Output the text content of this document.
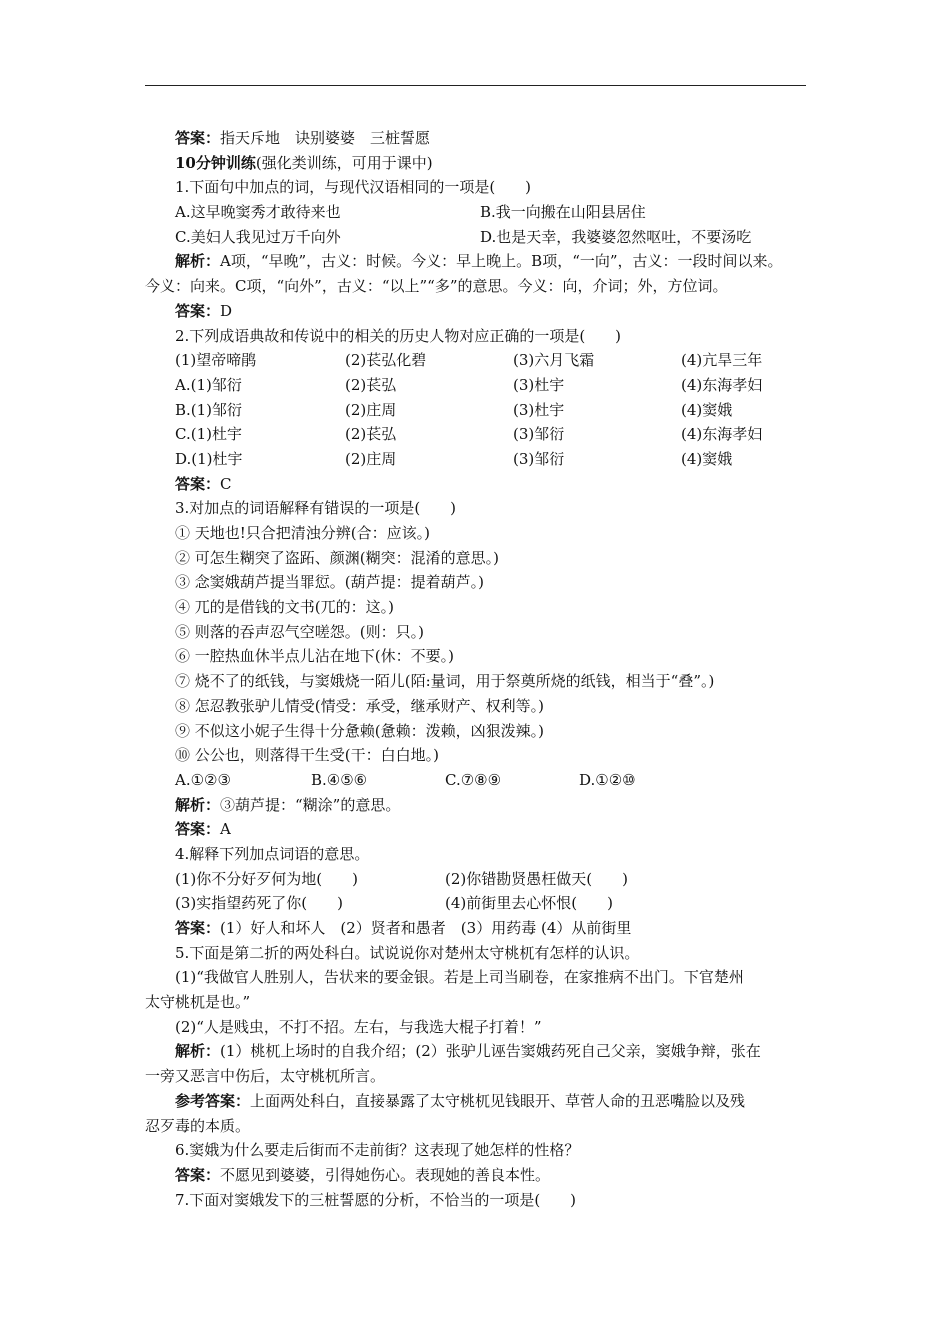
答案：指天斥地　诀别婆婆　三桩誓愿
10分钟训练(强化类训练，可用于课中)
1.下面句中加点的词，与现代汉语相同的一项是(　　)
A.这早晚窦秀才敢待来也	B.我一向搬在山阳县居住
C.美妇人我见过万千向外	D.也是天幸，我婆婆忽然呕吐，不要汤吃
解析：A项，“早晚”，古义：时候。今义：早上晚上。B项，“一向”，古义：一段时间以来。
今义：向来。C项，“向外”，古义：“以上”“多”的意思。今义：向，介词；外，方位词。
答案：D
2.下列成语典故和传说中的相关的历史人物对应正确的一项是(　　)
(1)望帝啼鹃	(2)苌弘化碧	(3)六月飞霜	(4)亢旱三年
A.(1)邹衍	(2)苌弘	(3)杜宇	(4)东海孝妇
B.(1)邹衍	(2)庄周	(3)杜宇	(4)窦娥
C.(1)杜宇	(2)苌弘	(3)邹衍	(4)东海孝妇
D.(1)杜宇	(2)庄周	(3)邹衍	(4)窦娥
答案：C
3.对加点的词语解释有错误的一项是(　　)
① 天地也!只合把清浊分辨(合：应该。)
② 可怎生糊突了盗跖、颜渊(糊突：混淆的意思。)
③ 念窦娥葫芦提当罪愆。(葫芦提：提着葫芦。)
④ 兀的是借钱的文书(兀的：这。)
⑤ 则落的吞声忍气空嗟怨。(则：只。)
⑥ 一腔热血休半点儿沾在地下(休：不要。)
⑦ 烧不了的纸钱，与窦娥烧一陌儿(陌:量词，用于祭奠所烧的纸钱，相当于“叠”。)
⑧ 怎忍教张驴儿情受(情受：承受，继承财产、权利等。)
⑨ 不似这小妮子生得十分惫赖(惫赖：泼赖，凶狠泼辣。)
⑩ 公公也，则落得干生受(干：白白地。)
A.①②③	B.④⑤⑥	C.⑦⑧⑨	D.①②⑩
解析：③葫芦提：“糊涂”的意思。
答案：A
4.解释下列加点词语的意思。
(1)你不分好歹何为地(　　)	(2)你错勘贤愚枉做天(　　)
(3)实指望药死了你(　　)	(4)前街里去心怀恨(　　)
答案：(1）好人和坏人　(2）贤者和愚者　(3）用药毒 (4）从前街里
5.下面是第二折的两处科白。试说说你对楚州太守桃杌有怎样的认识。
(1)“我做官人胜别人，告状来的要金银。若是上司当刷卷，在家推病不出门。下官楚州
太守桃杌是也。”
(2)“人是贱虫，不打不招。左右，与我选大棍子打着！”
解析：(1）桃杌上场时的自我介绍；(2）张驴儿诬告窦娥药死自己父亲，窦娥争辩，张在
一旁又恶言中伤后，太守桃杌所言。
参考答案：上面两处科白，直接暴露了太守桃杌见钱眼开、草菅人命的丑恶嘴脸以及残
忍歹毒的本质。
6.窦娥为什么要走后街而不走前街？这表现了她怎样的性格？
答案：不愿见到婆婆，引得她伤心。表现她的善良本性。
7.下面对窦娥发下的三桩誓愿的分析，不恰当的一项是(　　)
